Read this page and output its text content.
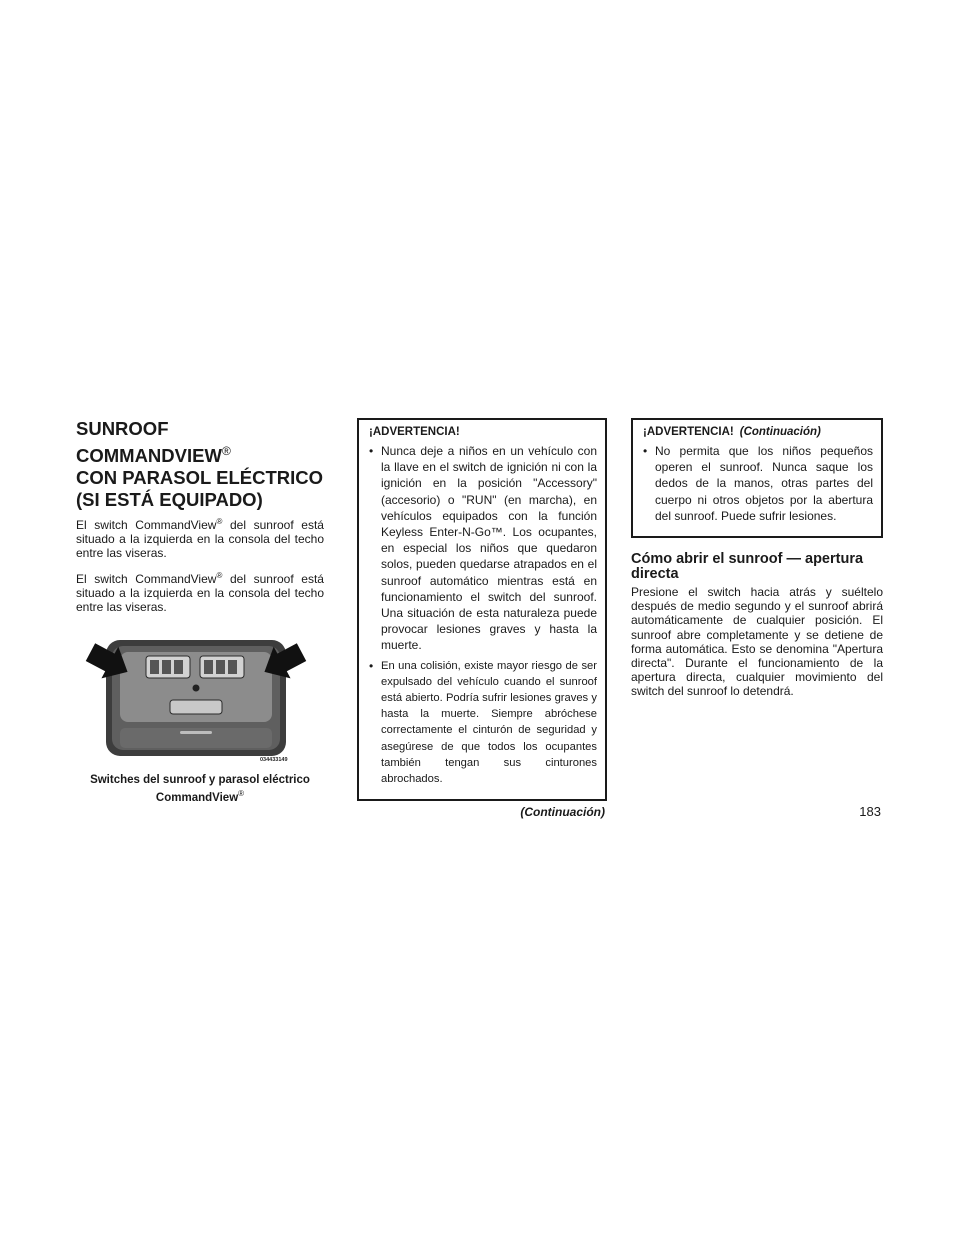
SUNROOF COMMANDVIEW®
CON PARASOL ELÉCTRICO
(SI ESTÁ EQUIPADO)

El switch CommandView® del sunroof está situado a la izquierda en la consola del techo entre las viseras.

El switch CommandView® del sunroof está situado a la izquierda en la consola del techo entre las viseras.

034433149
Switches del sunroof y parasol eléctrico
CommandView®
¡ADVERTENCIA!
• Nunca deje a niños en un vehículo con la llave en el switch de ignición ni con la ignición en la posición "Accessory" (accesorio) o "RUN" (en marcha), en vehículos equipados con la función Keyless Enter-N-Go™. Los ocupantes, en especial los niños que quedaron solos, pueden quedarse atrapados en el sunroof automático mientras está en funcionamiento el switch del sunroof. Una situación de esta naturaleza puede provocar lesiones graves y hasta la muerte.
• En una colisión, existe mayor riesgo de ser expulsado del vehículo cuando el sunroof está abierto. Podría sufrir lesiones graves y hasta la muerte. Siempre abróchese correctamente el cinturón de seguridad y asegúrese de que todos los ocupantes también tengan sus cinturones abrochados.
(Continuación)
¡ADVERTENCIA! (Continuación)
• No permita que los niños pequeños operen el sunroof. Nunca saque los dedos de la manos, otras partes del cuerpo ni otros objetos por la abertura del sunroof. Puede sufrir lesiones.
Cómo abrir el sunroof — apertura directa

Presione el switch hacia atrás y suéltelo después de medio segundo y el sunroof abrirá automáticamente de cualquier posición. El sunroof abre completamente y se detiene de forma automática. Esto se denomina "Apertura directa". Durante el funcionamiento de la apertura directa, cualquier movimiento del switch del sunroof lo detendrá.

183
